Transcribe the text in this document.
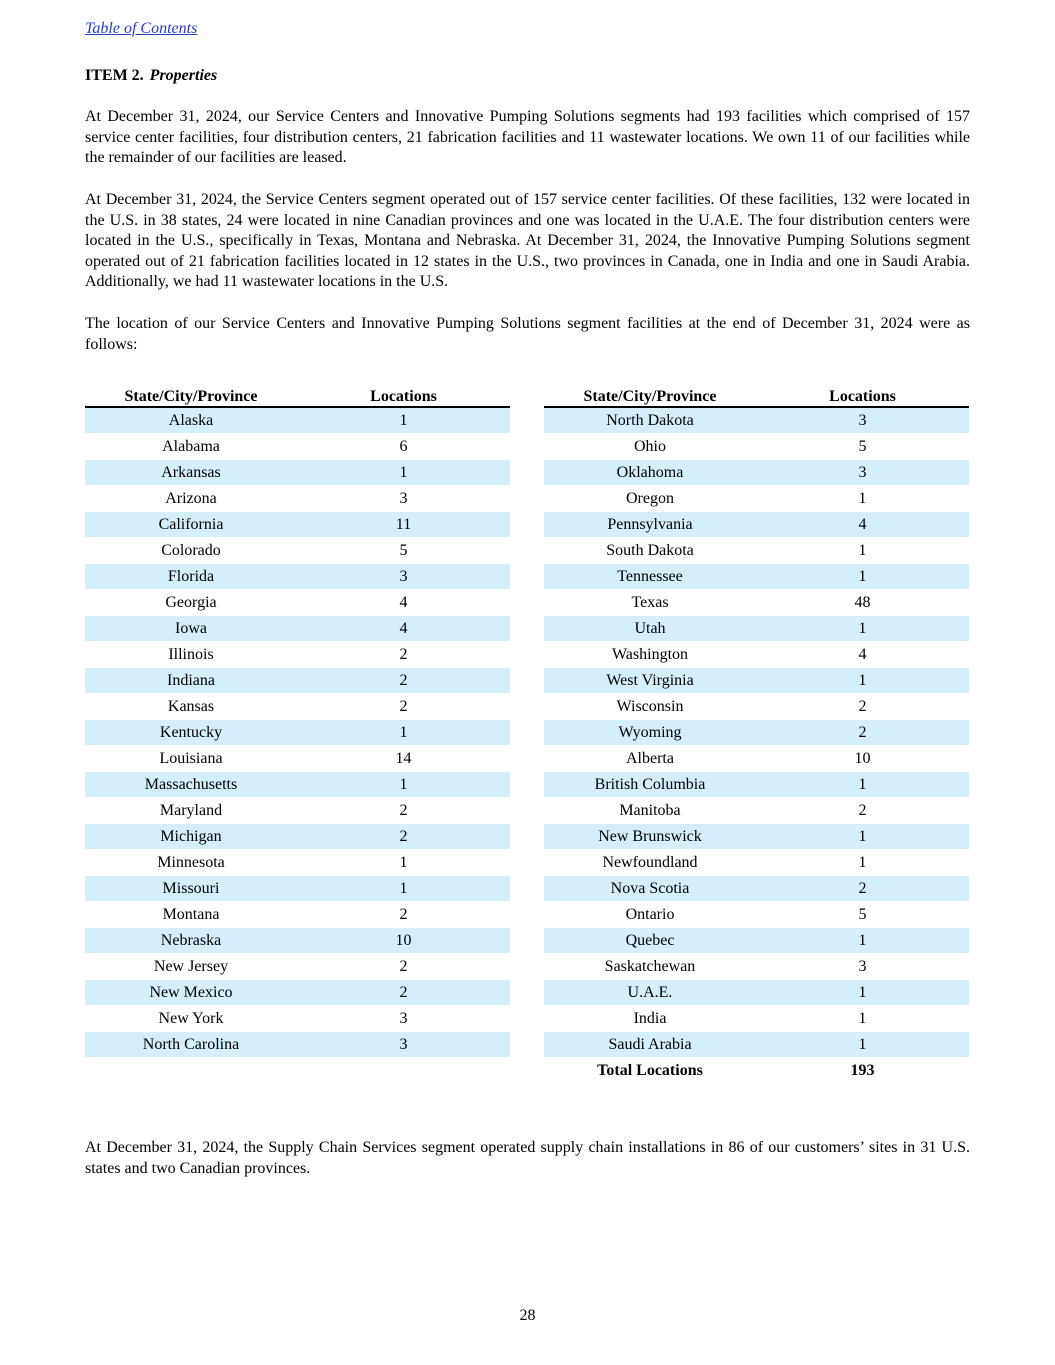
Table of Contents
ITEM 2. Properties

At December 31, 2024, our Service Centers and Innovative Pumping Solutions segments had 193 facilities which comprised of 157 service center facilities, four distribution centers, 21 fabrication facilities and 11 wastewater locations. We own 11 of our facilities while the remainder of our facilities are leased.

At December 31, 2024, the Service Centers segment operated out of 157 service center facilities. Of these facilities, 132 were located in the U.S. in 38 states, 24 were located in nine Canadian provinces and one was located in the U.A.E. The four distribution centers were located in the U.S., specifically in Texas, Montana and Nebraska. At December 31, 2024, the Innovative Pumping Solutions segment operated out of 21 fabrication facilities located in 12 states in the U.S., two provinces in Canada, one in India and one in Saudi Arabia. Additionally, we had 11 wastewater locations in the U.S.

The location of our Service Centers and Innovative Pumping Solutions segment facilities at the end of December 31, 2024 were as follows:

State/City/Province	Locations
Alaska	1
Alabama	6
Arkansas	1
Arizona	3
California	11
Colorado	5
Florida	3
Georgia	4
Iowa	4
Illinois	2
Indiana	2
Kansas	2
Kentucky	1
Louisiana	14
Massachusetts	1
Maryland	2
Michigan	2
Minnesota	1
Missouri	1
Montana	2
Nebraska	10
New Jersey	2
New Mexico	2
New York	3
North Carolina	3
State/City/Province	Locations
North Dakota	3
Ohio	5
Oklahoma	3
Oregon	1
Pennsylvania	4
South Dakota	1
Tennessee	1
Texas	48
Utah	1
Washington	4
West Virginia	1
Wisconsin	2
Wyoming	2
Alberta	10
British Columbia	1
Manitoba	2
New Brunswick	1
Newfoundland	1
Nova Scotia	2
Ontario	5
Quebec	1
Saskatchewan	3
U.A.E.	1
India	1
Saudi Arabia	1
Total Locations	193

At December 31, 2024, the Supply Chain Services segment operated supply chain installations in 86 of our customers’ sites in 31 U.S. states and two Canadian provinces.

28
